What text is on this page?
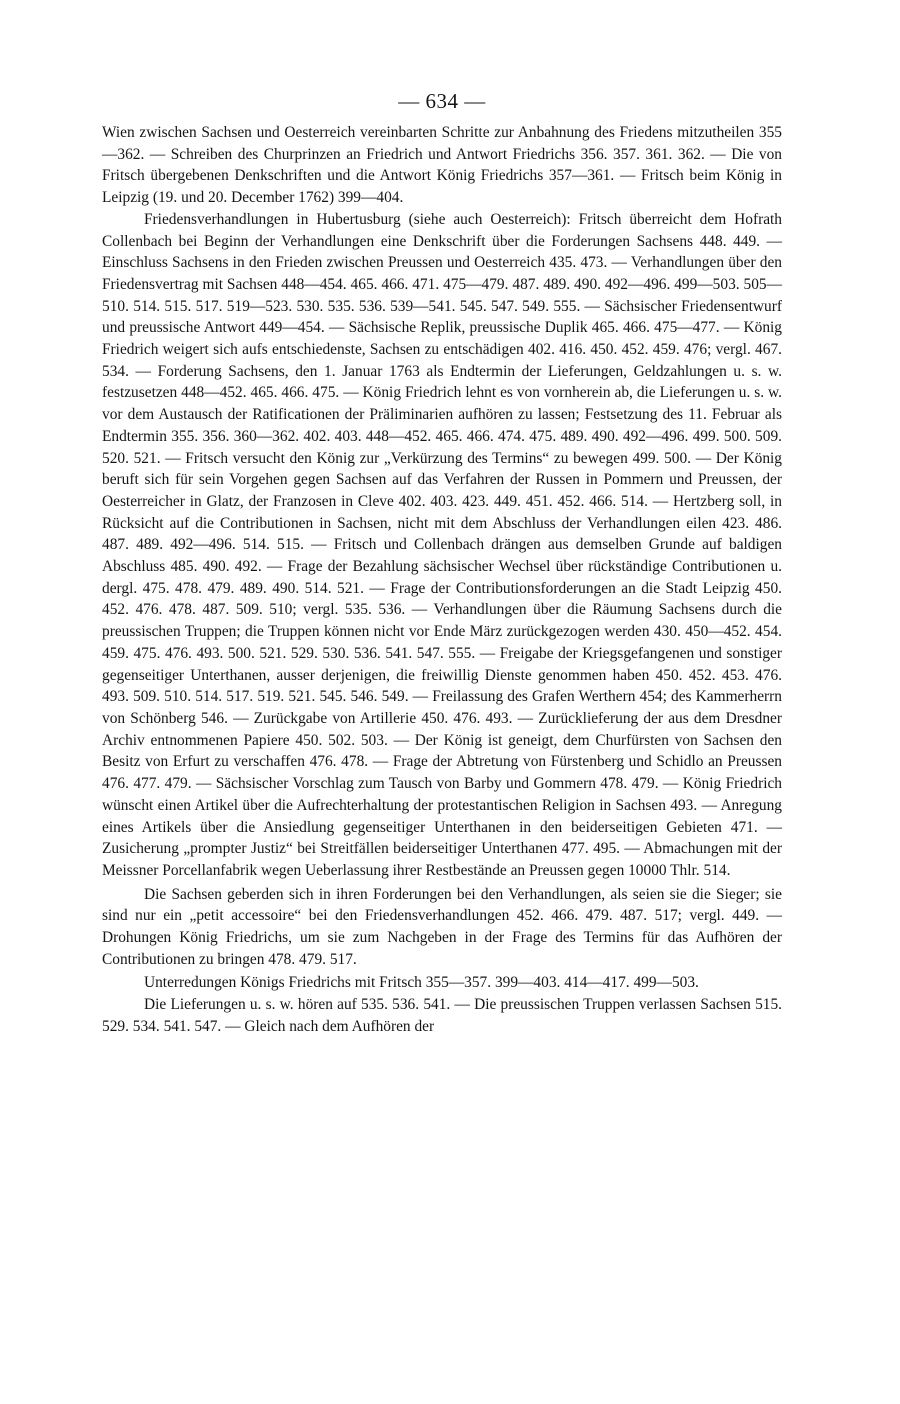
— 634 —

Wien zwischen Sachsen und Oesterreich vereinbarten Schritte zur Anbahnung des Friedens mitzutheilen 355—362. — Schreiben des Churprinzen an Friedrich und Antwort Friedrichs 356. 357. 361. 362. — Die von Fritsch übergebenen Denkschriften und die Antwort König Friedrichs 357—361. — Fritsch beim König in Leipzig (19. und 20. December 1762) 399—404.

Friedensverhandlungen in Hubertusburg (siehe auch Oesterreich): Fritsch überreicht dem Hofrath Collenbach bei Beginn der Verhandlungen eine Denkschrift über die Forderungen Sachsens 448. 449. — Einschluss Sachsens in den Frieden zwischen Preussen und Oesterreich 435. 473. — Verhandlungen über den Friedensvertrag mit Sachsen 448—454. 465. 466. 471. 475—479. 487. 489. 490. 492—496. 499—503. 505—510. 514. 515. 517. 519—523. 530. 535. 536. 539—541. 545. 547. 549. 555. — Sächsischer Friedensentwurf und preussische Antwort 449—454. — Sächsische Replik, preussische Duplik 465. 466. 475—477. — König Friedrich weigert sich aufs entschiedenste, Sachsen zu entschädigen 402. 416. 450. 452. 459. 476; vergl. 467. 534. — Forderung Sachsens, den 1. Januar 1763 als Endtermin der Lieferungen, Geldzahlungen u. s. w. festzusetzen 448—452. 465. 466. 475. — König Friedrich lehnt es von vornherein ab, die Lieferungen u. s. w. vor dem Austausch der Ratificationen der Präliminarien aufhören zu lassen; Festsetzung des 11. Februar als Endtermin 355. 356. 360—362. 402. 403. 448—452. 465. 466. 474. 475. 489. 490. 492—496. 499. 500. 509. 520. 521. — Fritsch versucht den König zur „Verkürzung des Termins“ zu bewegen 499. 500. — Der König beruft sich für sein Vorgehen gegen Sachsen auf das Verfahren der Russen in Pommern und Preussen, der Oesterreicher in Glatz, der Franzosen in Cleve 402. 403. 423. 449. 451. 452. 466. 514. — Hertzberg soll, in Rücksicht auf die Contributionen in Sachsen, nicht mit dem Abschluss der Verhandlungen eilen 423. 486. 487. 489. 492—496. 514. 515. — Fritsch und Collenbach drängen aus demselben Grunde auf baldigen Abschluss 485. 490. 492. — Frage der Bezahlung sächsischer Wechsel über rückständige Contributionen u. dergl. 475. 478. 479. 489. 490. 514. 521. — Frage der Contributionsforderungen an die Stadt Leipzig 450. 452. 476. 478. 487. 509. 510; vergl. 535. 536. — Verhandlungen über die Räumung Sachsens durch die preussischen Truppen; die Truppen können nicht vor Ende März zurückgezogen werden 430. 450—452. 454. 459. 475. 476. 493. 500. 521. 529. 530. 536. 541. 547. 555. — Freigabe der Kriegsgefangenen und sonstiger gegenseitiger Unterthanen, ausser derjenigen, die freiwillig Dienste genommen haben 450. 452. 453. 476. 493. 509. 510. 514. 517. 519. 521. 545. 546. 549. — Freilassung des Grafen Werthern 454; des Kammerherrn von Schönberg 546. — Zurückgabe von Artillerie 450. 476. 493. — Zurücklieferung der aus dem Dresdner Archiv entnommenen Papiere 450. 502. 503. — Der König ist geneigt, dem Churfürsten von Sachsen den Besitz von Erfurt zu verschaffen 476. 478. — Frage der Abtretung von Fürstenberg und Schidlo an Preussen 476. 477. 479. — Sächsischer Vorschlag zum Tausch von Barby und Gommern 478. 479. — König Friedrich wünscht einen Artikel über die Aufrechterhaltung der protestantischen Religion in Sachsen 493. — Anregung eines Artikels über die Ansiedlung gegenseitiger Unterthanen in den beiderseitigen Gebieten 471. — Zusicherung „prompter Justiz“ bei Streitfällen beiderseitiger Unterthanen 477. 495. — Abmachungen mit der Meissner Porcellanfabrik wegen Ueberlassung ihrer Restbestände an Preussen gegen 10000 Thlr. 514.

Die Sachsen geberden sich in ihren Forderungen bei den Verhandlungen, als seien sie die Sieger; sie sind nur ein „petit accessoire“ bei den Friedensverhandlungen 452. 466. 479. 487. 517; vergl. 449. — Drohungen König Friedrichs, um sie zum Nachgeben in der Frage des Termins für das Aufhören der Contributionen zu bringen 478. 479. 517.

Unterredungen Königs Friedrichs mit Fritsch 355—357. 399—403. 414—417. 499—503.

Die Lieferungen u. s. w. hören auf 535. 536. 541. — Die preussischen Truppen verlassen Sachsen 515. 529. 534. 541. 547. — Gleich nach dem Aufhören der
